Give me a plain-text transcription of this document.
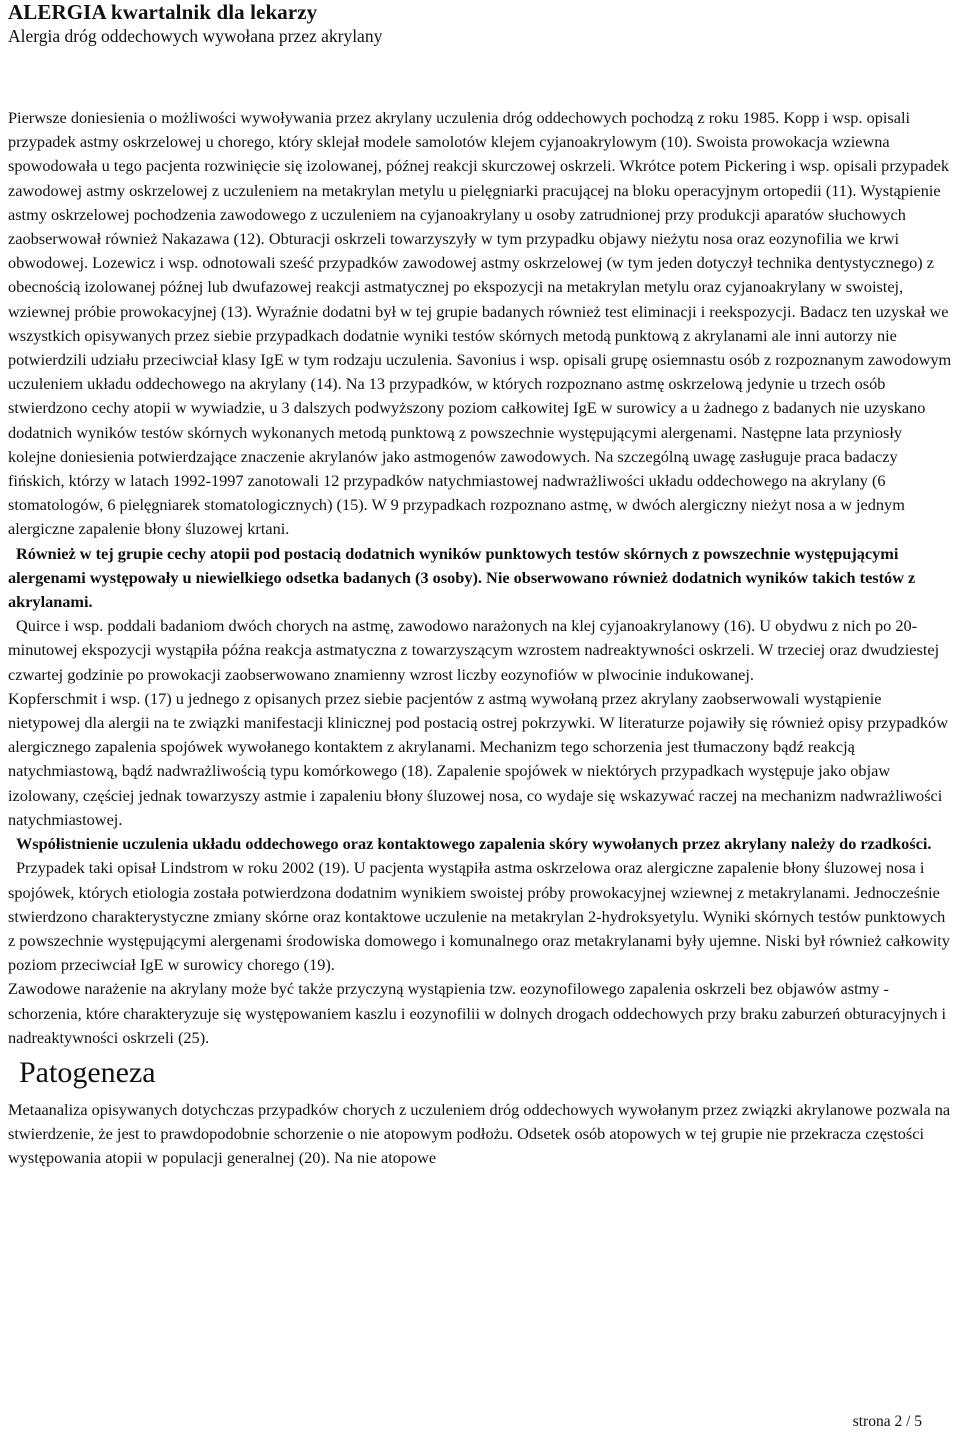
ALERGIA kwartalnik dla lekarzy
Alergia dróg oddechowych wywołana przez akrylany

Pierwsze doniesienia o możliwości wywoływania przez akrylany uczulenia dróg oddechowych pochodzą z roku 1985. Kopp i wsp. opisali przypadek astmy oskrzelowej u chorego, który sklejał modele samolotów klejem cyjanoakrylowym (10). Swoista prowokacja wziewna spowodowała u tego pacjenta rozwinięcie się izolowanej, późnej reakcji skurczowej oskrzeli. Wkrótce potem Pickering i wsp. opisali przypadek zawodowej astmy oskrzelowej z uczuleniem na metakrylan metylu u pielęgniarki pracującej na bloku operacyjnym ortopedii (11). Wystąpienie astmy oskrzelowej pochodzenia zawodowego z uczuleniem na cyjanoakrylany u osoby zatrudnionej przy produkcji aparatów słuchowych zaobserwował również Nakazawa (12). Obturacji oskrzeli towarzyszyły w tym przypadku objawy nieżytu nosa oraz eozynofilia we krwi obwodowej. Lozewicz i wsp. odnotowali sześć przypadków zawodowej astmy oskrzelowej (w tym jeden dotyczył technika dentystycznego) z obecnością izolowanej późnej lub dwufazowej reakcji astmatycznej po ekspozycji na metakrylan metylu oraz cyjanoakrylany w swoistej, wziewnej próbie prowokacyjnej (13). Wyraźnie dodatni był w tej grupie badanych również test eliminacji i reekspozycji. Badacz ten uzyskał we wszystkich opisywanych przez siebie przypadkach dodatnie wyniki testów skórnych metodą punktową z akrylanami ale inni autorzy nie potwierdzili udziału przeciwciał klasy IgE w tym rodzaju uczulenia. Savonius i wsp. opisali grupę osiemnastu osób z rozpoznanym zawodowym uczuleniem układu oddechowego na akrylany (14). Na 13 przypadków, w których rozpoznano astmę oskrzelową jedynie u trzech osób stwierdzono cechy atopii w wywiadzie, u 3 dalszych podwyższony poziom całkowitej IgE w surowicy a u żadnego z badanych nie uzyskano dodatnich wyników testów skórnych wykonanych metodą punktową z powszechnie występującymi alergenami. Następne lata przyniosły kolejne doniesienia potwierdzające znaczenie akrylanów jako astmogenów zawodowych. Na szczególną uwagę zasługuje praca badaczy fińskich, którzy w latach 1992-1997 zanotowali 12 przypadków natychmiastowej nadwrażliwości układu oddechowego na akrylany (6 stomatologów, 6 pielęgniarek stomatologicznych) (15). W 9 przypadkach rozpoznano astmę, w dwóch alergiczny nieżyt nosa a w jednym alergiczne zapalenie błony śluzowej krtani.

Również w tej grupie cechy atopii pod postacią dodatnich wyników punktowych testów skórnych z powszechnie występującymi alergenami występowały u niewielkiego odsetka badanych (3 osoby). Nie obserwowano również dodatnich wyników takich testów z akrylanami.

Quirce i wsp. poddali badaniom dwóch chorych na astmę, zawodowo narażonych na klej cyjanoakrylanowy (16). U obydwu z nich po 20-minutowej ekspozycji wystąpiła późna reakcja astmatyczna z towarzyszącym wzrostem nadreaktywności oskrzeli. W trzeciej oraz dwudziestej czwartej godzinie po prowokacji zaobserwowano znamienny wzrost liczby eozynofiów w plwocinie indukowanej.

Kopferschmit i wsp. (17) u jednego z opisanych przez siebie pacjentów z astmą wywołaną przez akrylany zaobserwowali wystąpienie nietypowej dla alergii na te związki manifestacji klinicznej pod postacią ostrej pokrzywki. W literaturze pojawiły się również opisy przypadków alergicznego zapalenia spojówek wywołanego kontaktem z akrylanami. Mechanizm tego schorzenia jest tłumaczony bądź reakcją natychmiastową, bądź nadwrażliwością typu komórkowego (18). Zapalenie spojówek w niektórych przypadkach występuje jako objaw izolowany, częściej jednak towarzyszy astmie i zapaleniu błony śluzowej nosa, co wydaje się wskazywać raczej na mechanizm nadwrażliwości natychmiastowej.

Współistnienie uczulenia układu oddechowego oraz kontaktowego zapalenia skóry wywołanych przez akrylany należy do rzadkości.

Przypadek taki opisał Lindstrom w roku 2002 (19). U pacjenta wystąpiła astma oskrzelowa oraz alergiczne zapalenie błony śluzowej nosa i spojówek, których etiologia została potwierdzona dodatnim wynikiem swoistej próby prowokacyjnej wziewnej z metakrylanami. Jednocześnie stwierdzono charakterystyczne zmiany skórne oraz kontaktowe uczulenie na metakrylan 2-hydroksyetylu. Wyniki skórnych testów punktowych z powszechnie występującymi alergenami środowiska domowego i komunalnego oraz metakrylanami były ujemne. Niski był również całkowity poziom przeciwciał IgE w surowicy chorego (19).

Zawodowe narażenie na akrylany może być także przyczyną wystąpienia tzw. eozynofilowego zapalenia oskrzeli bez objawów astmy - schorzenia, które charakteryzuje się występowaniem kaszlu i eozynofilii w dolnych drogach oddechowych przy braku zaburzeń obturacyjnych i nadreaktywności oskrzeli (25).

Patogeneza

Metaanaliza opisywanych dotychczas przypadków chorych z uczuleniem dróg oddechowych wywołanym przez związki akrylanowe pozwala na stwierdzenie, że jest to prawdopodobnie schorzenie o nie atopowym podłożu. Odsetek osób atopowych w tej grupie nie przekracza częstości występowania atopii w populacji generalnej (20). Na nie atopowe

strona 2 / 5
